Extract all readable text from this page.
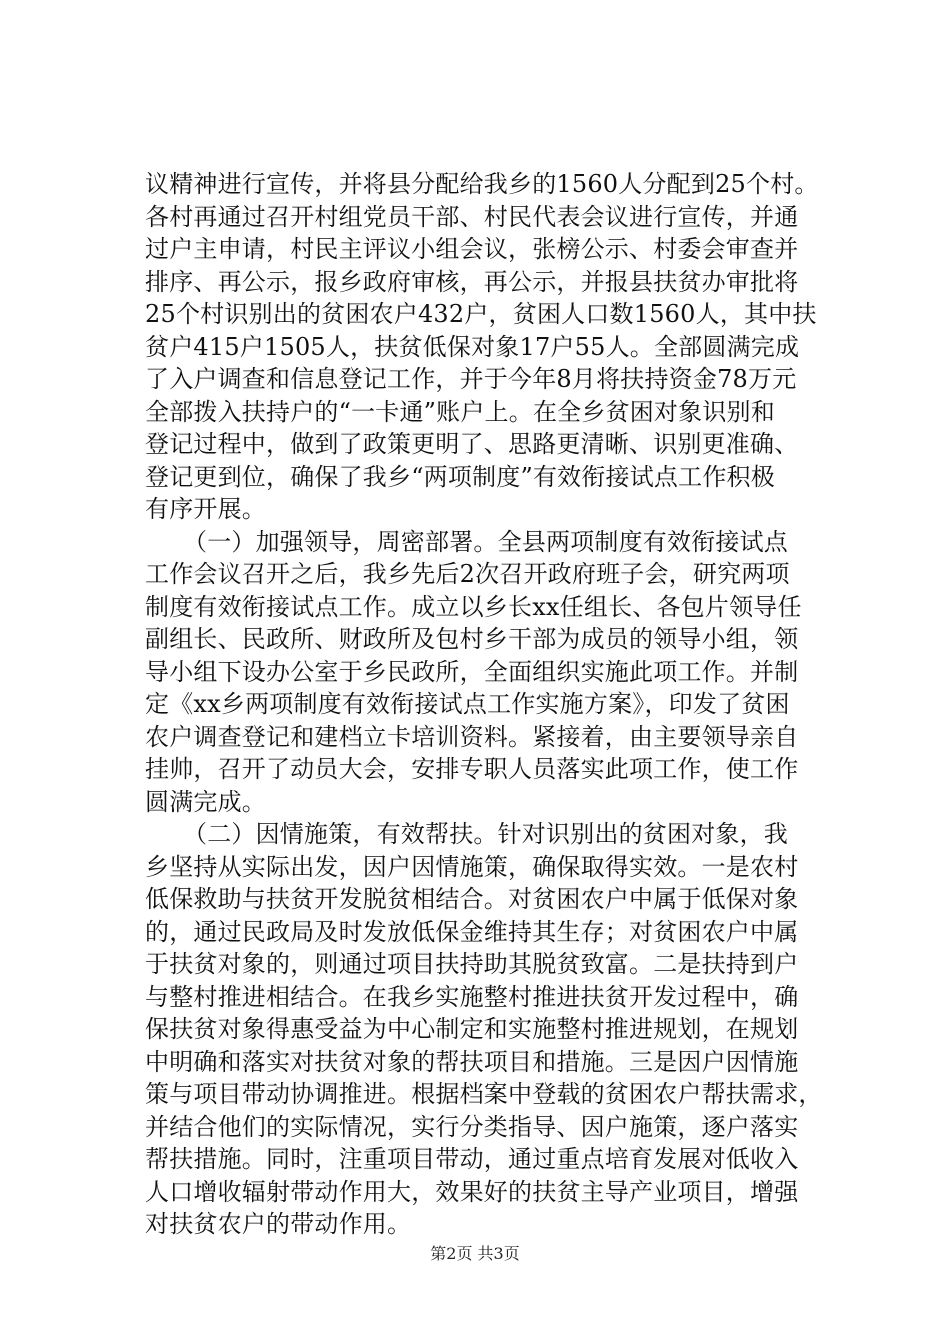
议精神进行宣传，并将县分配给我乡的1560人分配到25个村。
各村再通过召开村组党员干部、村民代表会议进行宣传，并通
过户主申请，村民主评议小组会议，张榜公示、村委会审查并
排序、再公示，报乡政府审核，再公示，并报县扶贫办审批将
25个村识别出的贫困农户432户，贫困人口数1560人，其中扶
贫户415户1505人，扶贫低保对象17户55人。全部圆满完成
了入户调查和信息登记工作，并于今年8月将扶持资金78万元
全部拨入扶持户的“一卡通”账户上。在全乡贫困对象识别和
登记过程中，做到了政策更明了、思路更清晰、识别更准确、
登记更到位，确保了我乡“两项制度”有效衔接试点工作积极
有序开展。
（一）加强领导，周密部署。全县两项制度有效衔接试点
工作会议召开之后，我乡先后2次召开政府班子会，研究两项
制度有效衔接试点工作。成立以乡长xx任组长、各包片领导任
副组长、民政所、财政所及包村乡干部为成员的领导小组，领
导小组下设办公室于乡民政所，全面组织实施此项工作。并制
定《xx乡两项制度有效衔接试点工作实施方案》，印发了贫困
农户调查登记和建档立卡培训资料。紧接着，由主要领导亲自
挂帅，召开了动员大会，安排专职人员落实此项工作，使工作
圆满完成。
（二）因情施策，有效帮扶。针对识别出的贫困对象，我
乡坚持从实际出发，因户因情施策，确保取得实效。一是农村
低保救助与扶贫开发脱贫相结合。对贫困农户中属于低保对象
的，通过民政局及时发放低保金维持其生存；对贫困农户中属
于扶贫对象的，则通过项目扶持助其脱贫致富。二是扶持到户
与整村推进相结合。在我乡实施整村推进扶贫开发过程中，确
保扶贫对象得惠受益为中心制定和实施整村推进规划，在规划
中明确和落实对扶贫对象的帮扶项目和措施。三是因户因情施
策与项目带动协调推进。根据档案中登载的贫困农户帮扶需求，
并结合他们的实际情况，实行分类指导、因户施策，逐户落实
帮扶措施。同时，注重项目带动，通过重点培育发展对低收入
人口增收辐射带动作用大，效果好的扶贫主导产业项目，增强
对扶贫农户的带动作用。
第2页 共3页
